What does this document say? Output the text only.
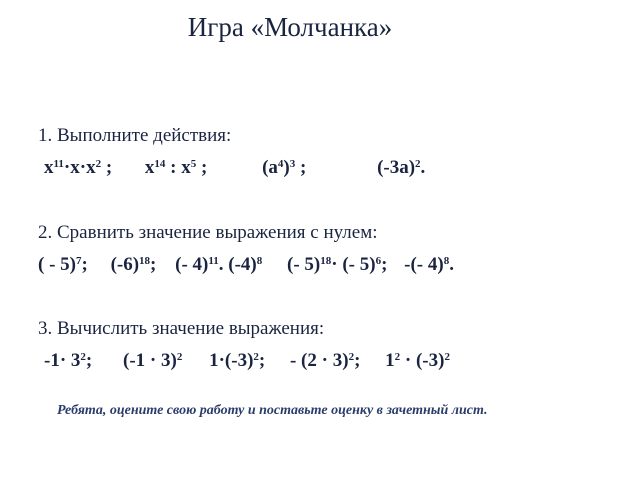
Игра «Молчанка»
1. Выполните действия:
$x^{11}\cdot x\cdot x^2$ ; $x^{14}$ : $x^5$ ;	$(a^4)^3$ ;	$(-3a)^2$.
2. Сравнить значение выражения с нулем:
( - 5)$^7$; $(-6)^{18}$; (- 4)$^{11}$. $(-4)^8$ (- 5)$^{18}$· (- 5)$^6$; -(- 4)$^8$.
3. Вычислить значение выражения:
$-1\cdot 3^2$; $(-1 \cdot 3)^2$ $1\cdot(-3)^2$; - $(2 \cdot 3)^2$; $1^2 \cdot (-3)^2$
Ребята, оцените свою работу и поставьте оценку в зачетный лист.
